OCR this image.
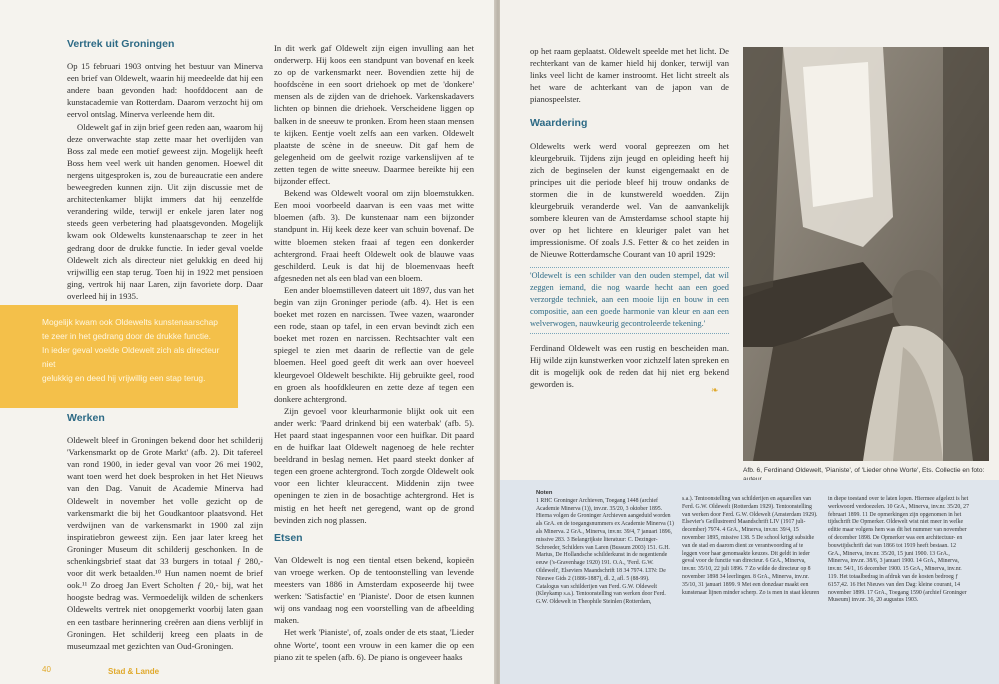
Vertrek uit Groningen

Op 15 februari 1903 ontving het bestuur van Minerva een brief van Oldewelt, waarin hij meedeelde dat hij een andere baan gevonden had: hoofddocent aan de kunstacademie van Rotterdam. Daarom verzocht hij om eervol ontslag. Minerva verleende hem dit.

Oldewelt gaf in zijn brief geen reden aan, waarom hij deze onverwachte stap zette maar het overlijden van Boss zal mede een motief geweest zijn. Mogelijk heeft Boss hem veel werk uit handen genomen. Hoewel dit nergens uitgesproken is, zou de bureaucratie een andere beweegreden kunnen zijn. Uit zijn discussie met de architectenkamer blijkt immers dat hij eenzelfde verandering wilde, terwijl er enkele jaren later nog steeds geen verbetering had plaatsgevonden. Mogelijk kwam ook Oldewelts kunstenaarschap te zeer in het gedrang door de drukke functie. In ieder geval voelde Oldewelt zich als directeur niet gelukkig en deed hij vrijwillig een stap terug. Toen hij in 1922 met pensioen ging, vertrok hij naar Laren, zijn favoriete dorp. Daar overleed hij in 1935.

Mogelijk kwam ook Oldewelts kunstenaarschap

te zeer in het gedrang door de drukke functie.

In ieder geval voelde Oldewelt zich als directeur niet

gelukkig en deed hij vrijwillig een stap terug.

Werken

Oldewelt bleef in Groningen bekend door het schilderij 'Varkensmarkt op de Grote Markt' (afb. 2). Dit tafereel van rond 1900, in ieder geval van voor 26 mei 1902, want toen werd het doek besproken in het Het Nieuws van den Dag. Vanuit de Academie Minerva had Oldewelt in november het volle gezicht op de varkensmarkt die bij het Goudkantoor plaatsvond. Het verdwijnen van de varkensmarkt in 1900 zal zijn inspiratiebron geweest zijn. Een jaar later kreeg het Groninger Museum dit schilderij geschonken. In de schenkingsbrief staat dat 33 burgers in totaal ƒ 280,- voor dit werk betaalden.¹⁰ Hun namen noemt de brief ook.¹¹ Zo droeg Jan Evert Scholten ƒ 20,- bij, wat het hoogste bedrag was. Vermoedelijk wilden de schenkers Oldewelts vertrek niet onopgemerkt voorbij laten gaan en een tastbare herinnering creëren aan diens verblijf in Groningen. Het schilderij kreeg een plaats in de museumzaal met gezichten van Oud-Groningen.

In dit werk gaf Oldewelt zijn eigen invulling aan het onderwerp. Hij koos een standpunt van bovenaf en keek zo op de varkensmarkt neer. Bovendien zette hij de hoofdscène in een soort driehoek op met de 'donkere' mensen als de zijden van de driehoek. Varkenskadavers lichten op binnen die driehoek. Verscheidene liggen op balken in de sneeuw te pronken. Erom heen staan mensen te kijken. Eentje voelt zelfs aan een varken. Oldewelt plaatste de scène in de sneeuw. Dit gaf hem de gelegenheid om de geelwit rozige varkenslijven af te zetten tegen de witte sneeuw. Daarmee bereikte hij een bijzonder effect.

Bekend was Oldewelt vooral om zijn bloemstukken. Een mooi voorbeeld daarvan is een vaas met witte bloemen (afb. 3). De kunstenaar nam een bijzonder standpunt in. Hij keek deze keer van schuin bovenaf. De witte bloemen steken fraai af tegen een donkerder achtergrond. Fraai heeft Oldewelt ook de blauwe vaas geschilderd. Leuk is dat hij de bloemenvaas heeft afgesneden net als een blad van een bloem.

Een ander bloemstilleven dateert uit 1897, dus van het begin van zijn Groninger periode (afb. 4). Het is een boeket met rozen en narcissen. Twee vazen, waaronder een rode, staan op tafel, in een ervan bevindt zich een boeket met rozen en narcissen. Rechtsachter valt een spiegel te zien met daarin de reflectie van de gele bloemen. Heel goed geeft dit werk aan over hoeveel kleurgevoel Oldewelt beschikte. Hij gebruikte geel, rood en groen als hoofdkleuren en zette deze af tegen een donkere achtergrond.

Zijn gevoel voor kleurharmonie blijkt ook uit een ander werk: 'Paard drinkend bij een waterbak' (afb. 5). Het paard staat ingespannen voor een huifkar. Dit paard en de huifkar laat Oldewelt nagenoeg de hele rechter beeldrand in beslag nemen. Het paard steekt donker af tegen een groene achtergrond. Toch zorgde Oldewelt ook voor een lichter kleuraccent. Middenin zijn twee openingen te zien in de bosachtige achtergrond. Het is mistig en het heeft net geregend, want op de grond bevinden zich nog plassen.

Etsen

Van Oldewelt is nog een tiental etsen bekend, kopieën van vroege werken. Op de tentoonstelling van levende meesters van 1886 in Amsterdam exposeerde hij twee werken: 'Satisfactie' en 'Pianiste'. Door de etsen kunnen wij ons vandaag nog een voorstelling van de afbeelding maken.

Het werk 'Pianiste', of, zoals onder de ets staat, 'Lieder ohne Worte', toont een vrouw in een kamer die op een piano zit te spelen (afb. 6). De piano is ongeveer haaks

40	Stad & Lande

op het raam geplaatst. Oldewelt speelde met het licht. De rechterkant van de kamer hield hij donker, terwijl van links veel licht de kamer instroomt. Het licht streelt als het ware de achterkant van de japon van de pianospeelster.

Waardering

Oldewelts werk werd vooral gepreezen om het kleurgebruik. Tijdens zijn jeugd en opleiding heeft hij zich de beginselen der kunst eigengemaakt en de principes uit die periode bleef hij trouw ondanks de stormen die in de kunstwereld woedden. Zijn kleurgebruik veranderde wel. Van de aanvankelijk sombere kleuren van de Amsterdamse school stapte hij over op het lichtere en kleuriger palet van het impressionisme. Of zoals J.S. Fetter & co het zeiden in de Nieuwe Rotterdamsche Courant van 10 april 1929:

'Oldewelt is een schilder van den ouden stempel, dat wil zeggen iemand, die nog waarde hecht aan een goed verzorgde techniek, aan een mooie lijn en bouw in een compositie, aan een goede harmonie van kleur en aan een welverwogen, nauwkeurig gecontroleerde tekening.'

Ferdinand Oldewelt was een rustig en bescheiden man. Hij wilde zijn kunstwerken voor zichzelf laten spreken en dit is mogelijk ook de reden dat hij niet erg bekend geworden is.

❧
Afb. 6, Ferdinand Oldewelt, 'Pianiste', of 'Lieder ohne Worte', Ets. Collectie en foto:
Noten
1 RHC Groninger Archieven, Toegang 1448 (archief Academie Minerva (1)), inv.nr. 35/20, 3 oktober 1895. Hierna volgen de Groninger Archieven aangeduid worden als GrA. en de toegangsnummers ex Academie Minerva (1) als Minerva. 2 GrA., Minerva, inv.nr. 39/4, 7 januari 1896, missive 283. 3 Belangrijkste literatuur: C. Dezinger-Schroeder, Schilders van Laren (Bussum 2003) 151. G.H. Marius, De Hollandsche schilderkunst in de negentiende eeuw ('s-Gravenhage 1920) 191. O.A., 'Ferd. G.W. Oldewelt', Elseviers Maandschrift 18 34 7974. LTN: De Nieuwe Gids 2 (1886-1887), dl. 2, afl. 5 (88-99). Catalogus van schilderijen van Ferd. G.W. Oldewelt (Kleykamp s.a.). Tentoonstelling van werken door Ferd. G.W. Oldewelt in Theophile Steinlen (Rotterdam,
s.a.). Tentoonstelling van schilderijen en aquarellen van Ferd. G.W. Oldewelt (Rotterdam 1929). Tentoonstelling van werken door Ferd. G.W. Oldewelt (Amsterdam 1929). Elsevier's Geillustreerd Maandschrift LIV (1917 juli-december) 7974. 4 GrA., Minerva, inv.nr. 39/4, 15 november 1895, missive 138. 5 De school krijgt subsidie van de stad en daarom dient ze verantwoording af te leggen voor haar genomaakte keuzes. Dit geldt in ieder geval voor de functie van directeur. 6 GrA., Minerva, inv.nr. 35/10, 22 juli 1896. 7 Zo wilde de directeur op 8 november 1898 34 leerlingen. 8 GrA., Minerva, inv.nr. 35/10, 31 januari 1899. 9 Met een donzdaar maakt een kunstenaar lijnen minder scherp. Zo is men in staat kleuren
in diepe toestand over te laten lopen. Hiermee afgelezt is het werkwoord verdoezelen. 10 GrA., Minerva, inv.nr. 35/20, 27 februari 1899. 11 De opmerkingen zijn opgenomen in het tijdschrift De Opmerker. Oldewelt wist niet meer in welke editie maar volgens hem was dit het nummer van november of december 1898. De Opmerker was een architectuur- en bouwtijdschrift dat van 1866 tot 1919 heeft bestaan. 12 GrA., Minerva, inv.nr. 35/20, 15 juni 1900. 13 GrA., Minerva, inv.nr. 38/6, 3 januari 1900. 14 GrA., Minerva, inv.nr. 54/1, 16 december 1900. 15 GrA., Minerva, inv.nr. 119. Het totaalbedrag in afdruk van de kosten bedroeg ƒ 6157,42. 16 Het Nieuws van den Dag: kleine courant, 14 november 1899. 17 GrA., Toegang 1590 (archief Groninger Museum) inv.nr. 36, 20 augustus 1903.
